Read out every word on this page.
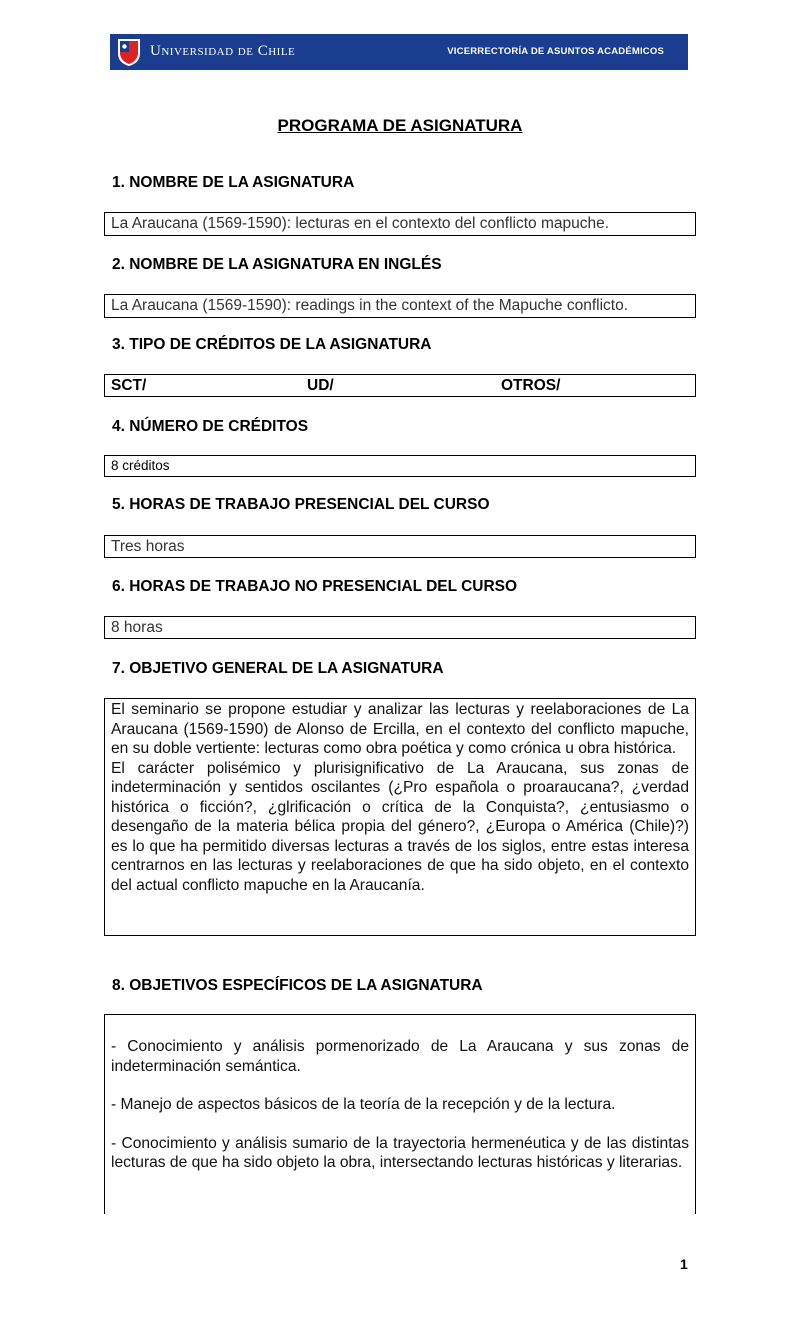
Universidad de Chile	VICERRECTORÍA DE ASUNTOS ACADÉMICOS
PROGRAMA DE ASIGNATURA
1. NOMBRE DE LA ASIGNATURA
La Araucana (1569-1590): lecturas en el contexto del conflicto mapuche.
2. NOMBRE DE LA ASIGNATURA EN INGLÉS
La Araucana (1569-1590): readings in the context of the Mapuche conflicto.
3. TIPO DE CRÉDITOS DE LA ASIGNATURA
SCT/	UD/	OTROS/
4. NÚMERO DE CRÉDITOS
8 créditos
5. HORAS DE TRABAJO PRESENCIAL DEL CURSO
Tres horas
6. HORAS DE TRABAJO NO PRESENCIAL DEL CURSO
8 horas
7. OBJETIVO GENERAL DE LA ASIGNATURA

El seminario se propone estudiar y analizar las lecturas y reelaboraciones de La Araucana (1569-1590) de Alonso de Ercilla, en el contexto del conflicto mapuche, en su doble vertiente: lecturas como obra poética y como crónica u obra histórica.

El carácter polisémico y plurisignificativo de La Araucana, sus zonas de indeterminación y sentidos oscilantes (¿Pro española o proaraucana?, ¿verdad histórica o ficción?, ¿glrificación o crítica de la Conquista?, ¿entusiasmo o desengaño de la materia bélica propia del género?, ¿Europa o América (Chile)?) es lo que ha permitido diversas lecturas a través de los siglos, entre estas interesa centrarnos en las lecturas y reelaboraciones de que ha sido objeto, en el contexto del actual conflicto mapuche en la Araucanía.

8. OBJETIVOS ESPECÍFICOS DE LA ASIGNATURA

- Conocimiento y análisis pormenorizado de La Araucana y sus zonas de indeterminación semántica.

- Manejo de aspectos básicos de la teoría de la recepción y de la lectura.

- Conocimiento y análisis sumario de la trayectoria hermenéutica y de las distintas lecturas de que ha sido objeto la obra, intersectando lecturas históricas y literarias.

1
